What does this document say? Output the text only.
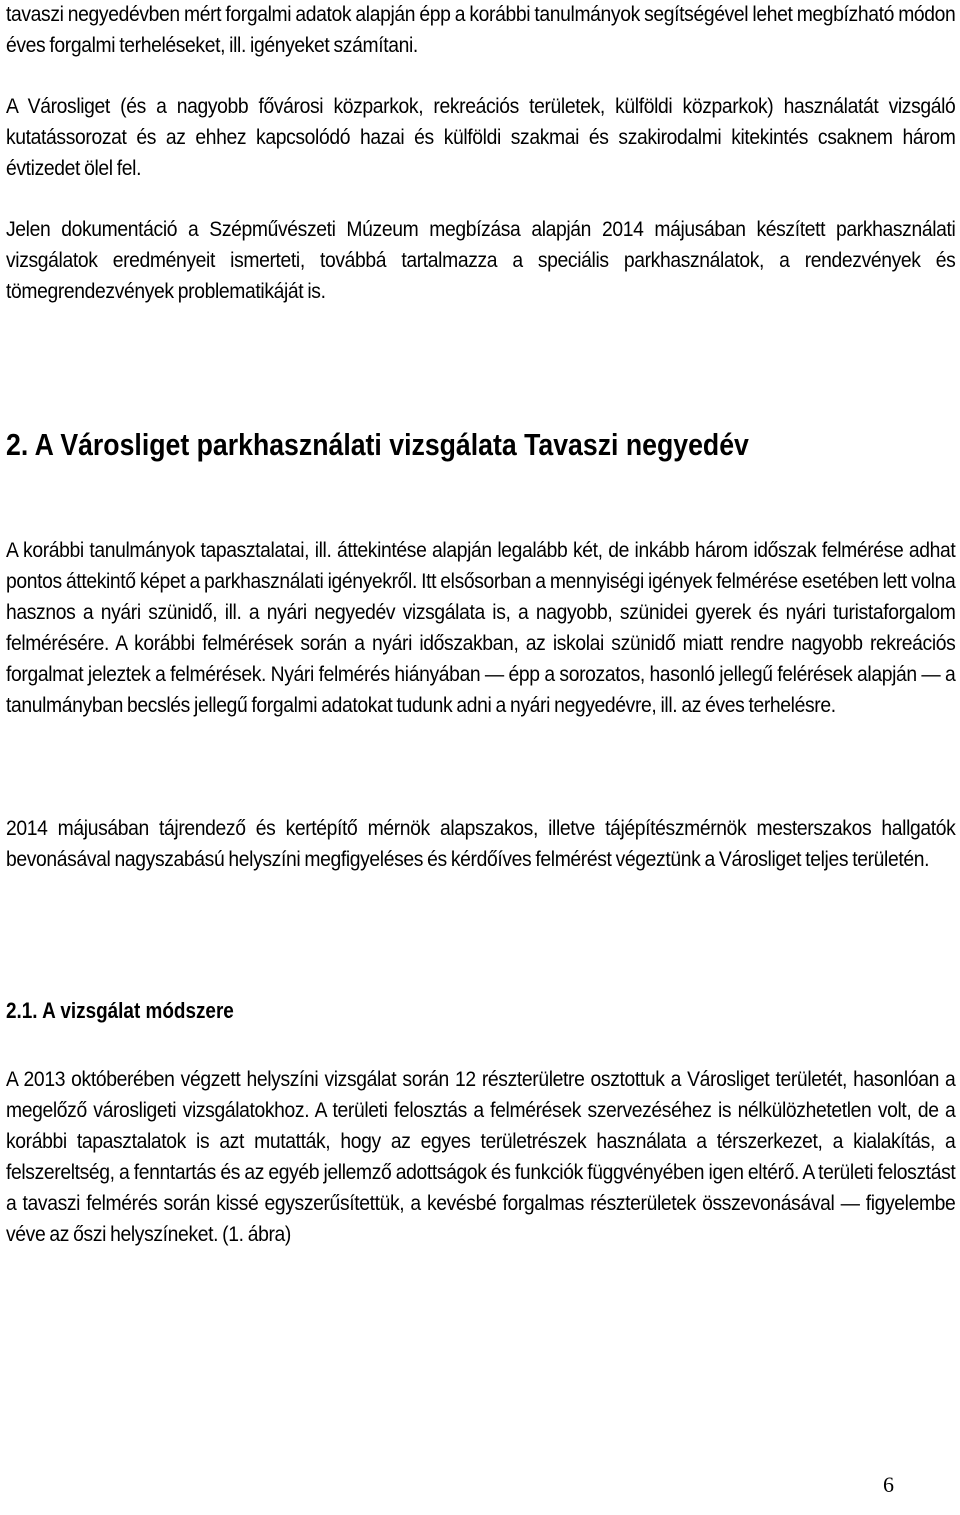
tavaszi negyedévben mért forgalmi adatok alapján épp a korábbi tanulmányok segítségével lehet megbízható módon éves forgalmi terheléseket, ill. igényeket számítani.

A Városliget (és a nagyobb fővárosi közparkok, rekreációs területek, külföldi közparkok) használatát vizsgáló kutatássorozat és az ehhez kapcsolódó hazai és külföldi szakmai és szakirodalmi kitekintés csaknem három évtizedet ölel fel.

Jelen dokumentáció a Szépművészeti Múzeum megbízása alapján 2014 májusában készített parkhasználati vizsgálatok eredményeit ismerteti, továbbá tartalmazza a speciális parkhasználatok, a rendezvények és tömegrendezvények problematikáját is.

2. A Városliget parkhasználati vizsgálata Tavaszi negyedév

A korábbi tanulmányok tapasztalatai, ill. áttekintése alapján legalább két, de inkább három időszak felmérése adhat pontos áttekintő képet a parkhasználati igényekről. Itt elsősorban a mennyiségi igények felmérése esetében lett volna hasznos a nyári szünidő, ill. a nyári negyedév vizsgálata is, a nagyobb, szünidei gyerek és nyári turistaforgalom felmérésére. A korábbi felmérések során a nyári időszakban, az iskolai szünidő miatt rendre nagyobb rekreációs forgalmat jeleztek a felmérések. Nyári felmérés hiányában — épp a sorozatos, hasonló jellegű felérések alapján — a tanulmányban becslés jellegű forgalmi adatokat tudunk adni a nyári negyedévre, ill. az éves terhelésre.

2014 májusában tájrendező és kertépítő mérnök alapszakos, illetve tájépítészmérnök mesterszakos hallgatók bevonásával nagyszabású helyszíni megfigyeléses és kérdőíves felmérést végeztünk a Városliget teljes területén.

2.1. A vizsgálat módszere

A 2013 októberében végzett helyszíni vizsgálat során 12 részterületre osztottuk a Városliget területét, hasonlóan a megelőző városligeti vizsgálatokhoz. A területi felosztás a felmérések szervezéséhez is nélkülözhetetlen volt, de a korábbi tapasztalatok is azt mutatták, hogy az egyes területrészek használata a térszerkezet, a kialakítás, a felszereltség, a fenntartás és az egyéb jellemző adottságok és funkciók függvényében igen eltérő. A területi felosztást a tavaszi felmérés során kissé egyszerűsítettük, a kevésbé forgalmas részterületek összevonásával — figyelembe véve az őszi helyszíneket. (1. ábra)

6
